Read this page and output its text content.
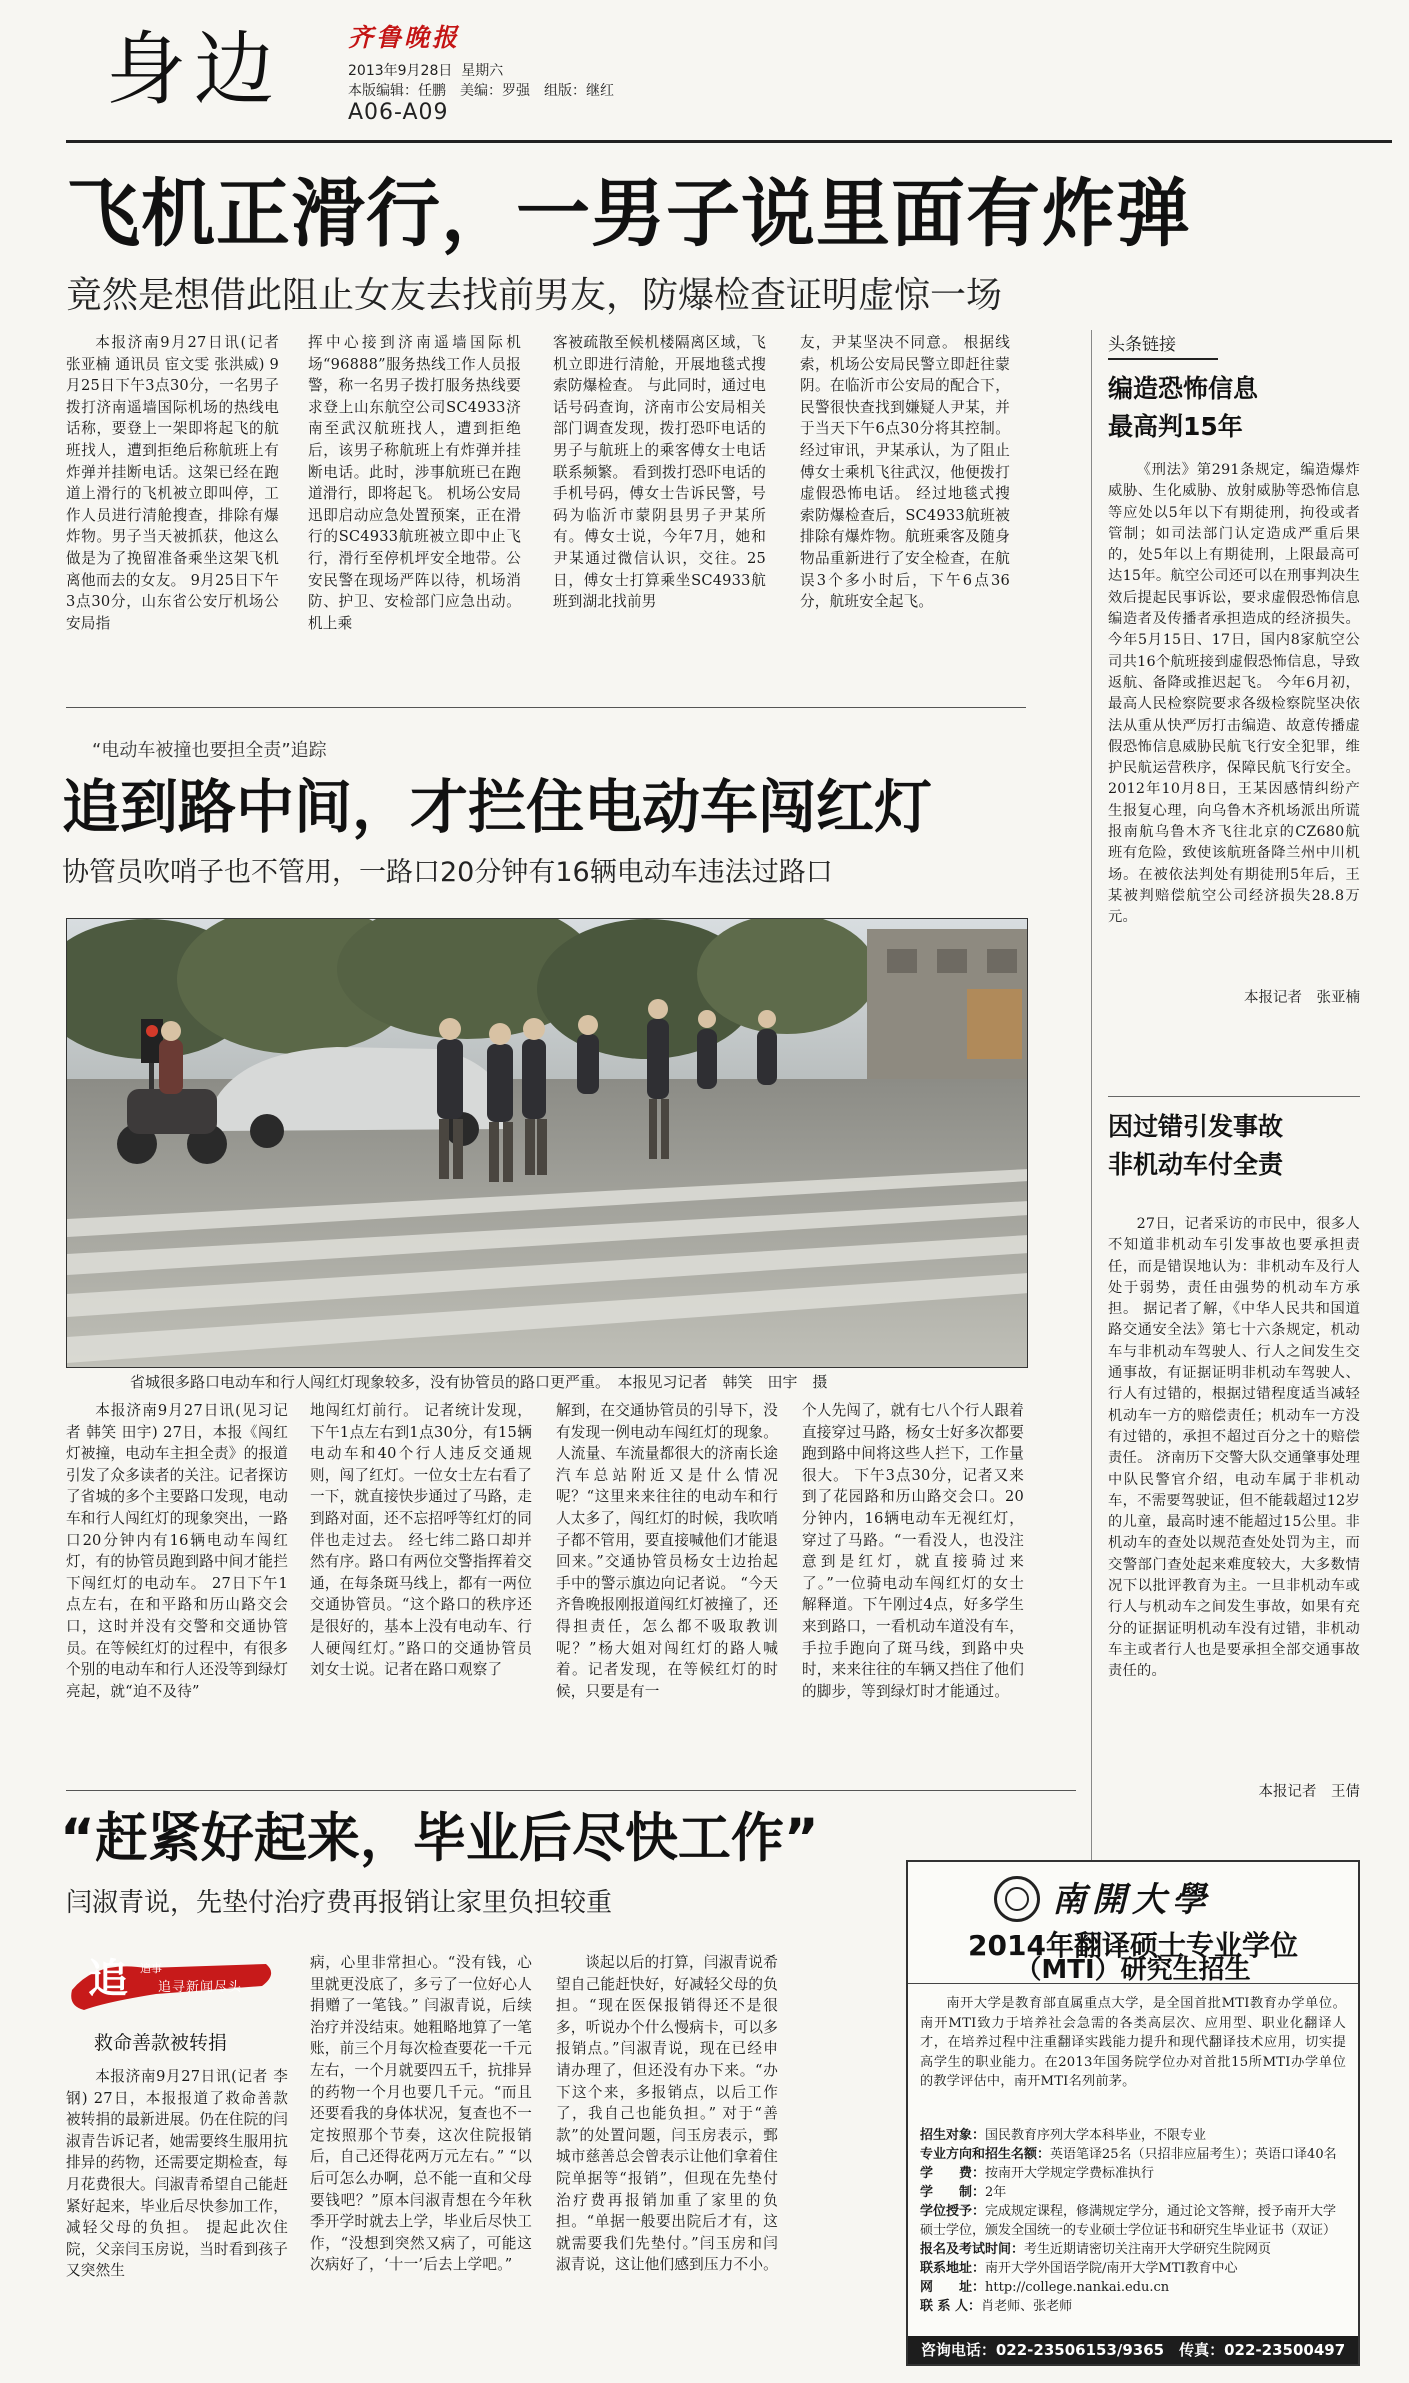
身边	齐鲁晚报
2013年9月28日 星期六
本版编辑：任鹏　美编：罗强　组版：继红
A06-A09
飞机正滑行，一男子说里面有炸弹
竟然是想借此阻止女友去找前男友，防爆检查证明虚惊一场

本报济南9月27日讯(记者 张亚楠 通讯员 宦文雯 张洪威) 9月25日下午3点30分，一名男子拨打济南遥墙国际机场的热线电话称，要登上一架即将起飞的航班找人，遭到拒绝后称航班上有炸弹并挂断电话。这架已经在跑道上滑行的飞机被立即叫停，工作人员进行清舱搜查，排除有爆炸物。男子当天被抓获，他这么做是为了挽留准备乘坐这架飞机离他而去的女友。 9月25日下午3点30分，山东省公安厅机场公安局指

挥中心接到济南遥墙国际机场“96888”服务热线工作人员报警，称一名男子拨打服务热线要求登上山东航空公司SC4933济南至武汉航班找人，遭到拒绝后，该男子称航班上有炸弹并挂断电话。此时，涉事航班已在跑道滑行，即将起飞。 机场公安局迅即启动应急处置预案，正在滑行的SC4933航班被立即中止飞行，滑行至停机坪安全地带。公安民警在现场严阵以待，机场消防、护卫、安检部门应急出动。机上乘

客被疏散至候机楼隔离区域，飞机立即进行清舱，开展地毯式搜索防爆检查。 与此同时，通过电话号码查询，济南市公安局相关部门调查发现，拨打恐吓电话的男子与航班上的乘客傅女士电话联系频繁。 看到拨打恐吓电话的手机号码，傅女士告诉民警，号码为临沂市蒙阴县男子尹某所有。傅女士说，今年7月，她和尹某通过微信认识，交往。25日，傅女士打算乘坐SC4933航班到湖北找前男

友，尹某坚决不同意。 根据线索，机场公安局民警立即赶往蒙阴。在临沂市公安局的配合下，民警很快查找到嫌疑人尹某，并于当天下午6点30分将其控制。经过审讯，尹某承认，为了阻止傅女士乘机飞往武汉，他便拨打虚假恐怖电话。 经过地毯式搜索防爆检查后，SC4933航班被排除有爆炸物。航班乘客及随身物品重新进行了安全检查，在航误3个多小时后，下午6点36分，航班安全起飞。

头条链接
编造恐怖信息
最高判15年

《刑法》第291条规定，编造爆炸威胁、生化威胁、放射威胁等恐怖信息等应处以5年以下有期徒刑，拘役或者管制；如司法部门认定造成严重后果的，处5年以上有期徒刑，上限最高可达15年。航空公司还可以在刑事判决生效后提起民事诉讼，要求虚假恐怖信息编造者及传播者承担造成的经济损失。 今年5月15日、17日，国内8家航空公司共16个航班接到虚假恐怖信息，导致返航、备降或推迟起飞。 今年6月初，最高人民检察院要求各级检察院坚决依法从重从快严厉打击编造、故意传播虚假恐怖信息威胁民航飞行安全犯罪，维护民航运营秩序，保障民航飞行安全。 2012年10月8日，王某因感情纠纷产生报复心理，向乌鲁木齐机场派出所谎报南航乌鲁木齐飞往北京的CZ680航班有危险，致使该航班备降兰州中川机场。在被依法判处有期徒刑5年后，王某被判赔偿航空公司经济损失28.8万元。

本报记者　张亚楠
“电动车被撞也要担全责”追踪
追到路中间，才拦住电动车闯红灯
协管员吹哨子也不管用，一路口20分钟有16辆电动车违法过路口
省城很多路口电动车和行人闯红灯现象较多，没有协管员的路口更严重。　本报见习记者　韩笑　田宇　摄

本报济南9月27日讯(见习记者 韩笑 田宇) 27日，本报《闯红灯被撞，电动车主担全责》的报道引发了众多读者的关注。记者探访了省城的多个主要路口发现，电动车和行人闯红灯的现象突出，一路口20分钟内有16辆电动车闯红灯，有的协管员跑到路中间才能拦下闯红灯的电动车。 27日下午1点左右，在和平路和历山路交会口，这时并没有交警和交通协管员。在等候红灯的过程中，有很多个别的电动车和行人还没等到绿灯亮起，就“迫不及待”

地闯红灯前行。 记者统计发现，下午1点左右到1点30分，有15辆电动车和40个行人违反交通规则，闯了红灯。一位女士左右看了一下，就直接快步通过了马路，走到路对面，还不忘招呼等红灯的同伴也走过去。 经七纬二路口却并然有序。路口有两位交警指挥着交通，在每条斑马线上，都有一两位交通协管员。“这个路口的秩序还是很好的，基本上没有电动车、行人硬闯红灯。”路口的交通协管员刘女士说。记者在路口观察了

解到，在交通协管员的引导下，没有发现一例电动车闯红灯的现象。 人流量、车流量都很大的济南长途汽车总站附近又是什么情况呢？“这里来来往往的电动车和行人太多了，闯红灯的时候，我吹哨子都不管用，要直接喊他们才能退回来。”交通协管员杨女士边抬起手中的警示旗边向记者说。 “今天齐鲁晚报刚报道闯红灯被撞了，还得担责任，怎么都不吸取教训呢？”杨大姐对闯红灯的路人喊着。记者发现，在等候红灯的时候，只要是有一

个人先闯了，就有七八个行人跟着直接穿过马路，杨女士好多次都要跑到路中间将这些人拦下，工作量很大。 下午3点30分，记者又来到了花园路和历山路交会口。20分钟内，16辆电动车无视红灯，穿过了马路。“一看没人，也没注意到是红灯，就直接骑过来了。”一位骑电动车闯红灯的女士解释道。下午刚过4点，好多学生来到路口，一看机动车道没有车，手拉手跑向了斑马线，到路中央时，来来往往的车辆又挡住了他们的脚步，等到绿灯时才能通过。

因过错引发事故
非机动车付全责

27日，记者采访的市民中，很多人不知道非机动车引发事故也要承担责任，而是错误地认为：非机动车及行人处于弱势，责任由强势的机动车方承担。 据记者了解，《中华人民共和国道路交通安全法》第七十六条规定，机动车与非机动车驾驶人、行人之间发生交通事故，有证据证明非机动车驾驶人、行人有过错的，根据过错程度适当减轻机动车一方的赔偿责任；机动车一方没有过错的，承担不超过百分之十的赔偿责任。 济南历下交警大队交通肇事处理中队民警官介绍，电动车属于非机动车，不需要驾驶证，但不能载超过12岁的儿童，最高时速不能超过15公里。非机动车的查处以规范查处处罚为主，而交警部门查处起来难度较大，大多数情况下以批评教育为主。一旦非机动车或行人与机动车之间发生事故，如果有充分的证据证明机动车没有过错，非机动车主或者行人也是要承担全部交通事故责任的。

本报记者　王倩
“赶紧好起来，毕业后尽快工作”
闫淑青说，先垫付治疗费再报销让家里负担较重
追 追事
追寻新闻尽头
救命善款被转捐

本报济南9月27日讯(记者 李钢) 27日，本报报道了救命善款被转捐的最新进展。仍在住院的闫淑青告诉记者，她需要终生服用抗排异的药物，还需要定期检查，每月花费很大。闫淑青希望自己能赶紧好起来，毕业后尽快参加工作，减轻父母的负担。 提起此次住院，父亲闫玉房说，当时看到孩子又突然生

病，心里非常担心。“没有钱，心里就更没底了，多亏了一位好心人捐赠了一笔钱。” 闫淑青说，后续治疗并没结束。她粗略地算了一笔账，前三个月每次检查要花一千元左右，一个月就要四五千，抗排异的药物一个月也要几千元。“而且还要看我的身体状况，复查也不一定按照那个节奏，这次住院报销后，自己还得花两万元左右。” “以后可怎么办啊，总不能一直和父母要钱吧？”原本闫淑青想在今年秋季开学时就去上学，毕业后尽快工作，“没想到突然又病了，可能这次病好了，‘十一’后去上学吧。”

谈起以后的打算，闫淑青说希望自己能赶快好，好减轻父母的负担。“现在医保报销得还不是很多，听说办个什么慢病卡，可以多报销点。”闫淑青说，现在已经申请办理了，但还没有办下来。“办下这个来，多报销点，以后工作了，我自己也能负担。” 对于“善款”的处置问题，闫玉房表示，鄄城市慈善总会曾表示让他们拿着住院单据等“报销”，但现在先垫付治疗费再报销加重了家里的负担。“单据一般要出院后才有，这就需要我们先垫付。”闫玉房和闫淑青说，这让他们感到压力不小。

南開大學
2014年翻译硕士专业学位
（MTI）研究生招生

南开大学是教育部直属重点大学，是全国首批MTI教育办学单位。南开MTI致力于培养社会急需的各类高层次、应用型、职业化翻译人才，在培养过程中注重翻译实践能力提升和现代翻译技术应用，切实提高学生的职业能力。在2013年国务院学位办对首批15所MTI办学单位的教学评估中，南开MTI名列前茅。

招生对象：国民教育序列大学本科毕业，不限专业
专业方向和招生名额：英语笔译25名（只招非应届考生）；英语口译40名
学　　费：按南开大学规定学费标准执行
学　　制：2年
学位授予：完成规定课程，修满规定学分，通过论文答辩，授予南开大学硕士学位，颁发全国统一的专业硕士学位证书和研究生毕业证书（双证）
报名及考试时间：考生近期请密切关注南开大学研究生院网页
联系地址：南开大学外国语学院/南开大学MTI教育中心
网　　址：http://college.nankai.edu.cn
联 系 人：肖老师、张老师
咨询电话：022-23506153/9365　传真：022-23500497
